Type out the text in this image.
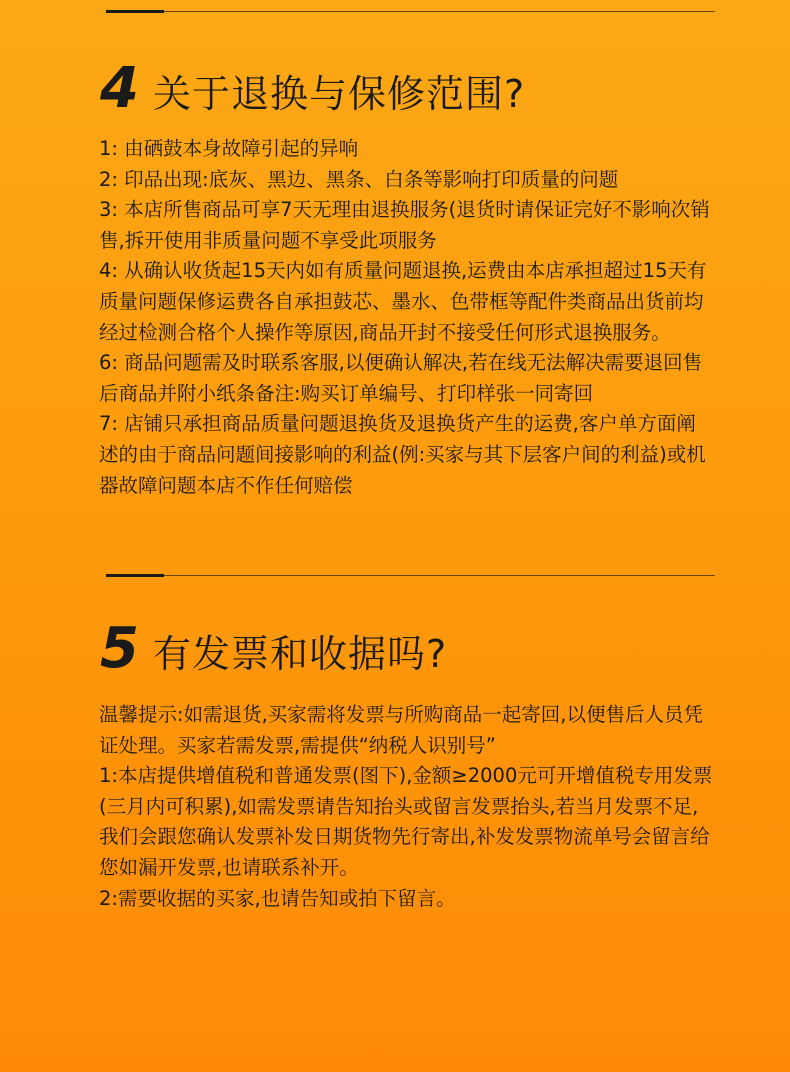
4 关于退换与保修范围?

1: 由硒鼓本身故障引起的异响

2: 印品出现:底灰、黑边、黑条、白条等影响打印质量的问题

3: 本店所售商品可享7天无理由退换服务(退货时请保证完好不影响次销售,拆开使用非质量问题不享受此项服务

4: 从确认收货起15天内如有质量问题退换,运费由本店承担超过15天有质量问题保修运费各自承担鼓芯、墨水、色带框等配件类商品出货前均经过检测合格个人操作等原因,商品开封不接受任何形式退换服务。

6: 商品问题需及时联系客服,以便确认解决,若在线无法解决需要退回售后商品并附小纸条备注:购买订单编号、打印样张一同寄回

7: 店铺只承担商品质量问题退换货及退换货产生的运费,客户单方面阐述的由于商品问题间接影响的利益(例:买家与其下层客户间的利益)或机器故障问题本店不作任何赔偿

5 有发票和收据吗?

温馨提示:如需退货,买家需将发票与所购商品一起寄回,以便售后人员凭证处理。买家若需发票,需提供“纳税人识别号”

1:本店提供增值税和普通发票(图下),金额≥2000元可开增值税专用发票(三月内可积累),如需发票请告知抬头或留言发票抬头,若当月发票不足,我们会跟您确认发票补发日期货物先行寄出,补发发票物流单号会留言给您如漏开发票,也请联系补开。

2:需要收据的买家,也请告知或拍下留言。
